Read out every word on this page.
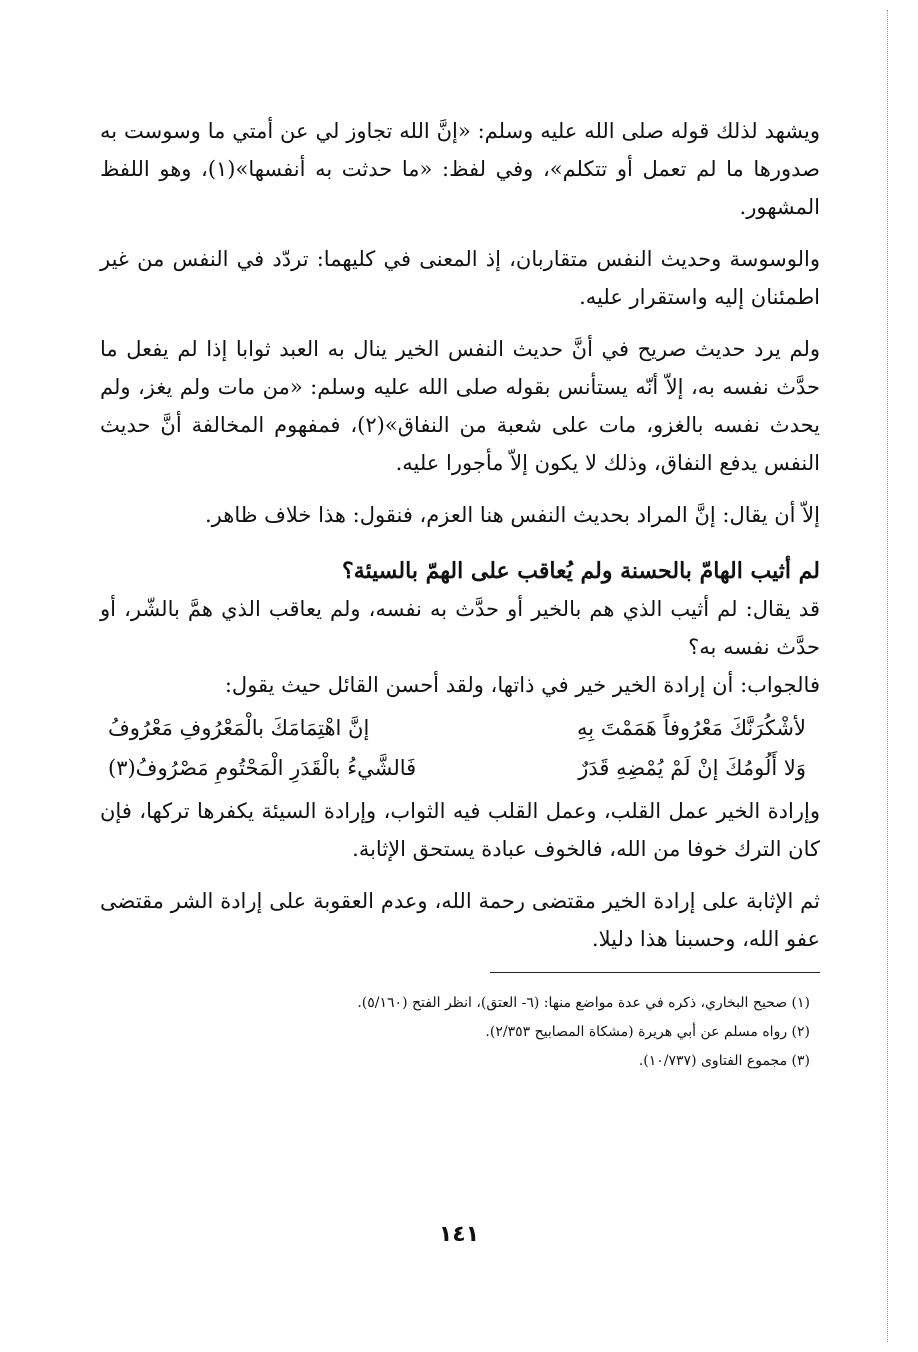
ويشهد لذلك قوله صلى الله عليه وسلم: «إنَّ الله تجاوز لي عن أمتي ما وسوست به صدورها ما لم تعمل أو تتكلم»، وفي لفظ: «ما حدثت به أنفسها»(١)، وهو اللفظ المشهور.

والوسوسة وحديث النفس متقاربان، إذ المعنى في كليهما: تردّد في النفس من غير اطمئنان إليه واستقرار عليه.

ولم يرد حديث صريح في أنَّ حديث النفس الخير ينال به العبد ثوابا إذا لم يفعل ما حدَّث نفسه به، إلاّ أنّه يستأنس بقوله صلى الله عليه وسلم: «من مات ولم يغز، ولم يحدث نفسه بالغزو، مات على شعبة من النفاق»(٢)، فمفهوم المخالفة أنَّ حديث النفس يدفع النفاق، وذلك لا يكون إلاّ مأجورا عليه.

إلاّ أن يقال: إنَّ المراد بحديث النفس هنا العزم، فنقول: هذا خلاف ظاهر.

لم أثيب الهامّ بالحسنة ولم يُعاقب على الهمّ بالسيئة؟

قد يقال: لم أثيب الذي هم بالخير أو حدَّث به نفسه، ولم يعاقب الذي همَّ بالشّر، أو حدَّث نفسه به؟

فالجواب: أن إرادة الخير خير في ذاتها، ولقد أحسن القائل حيث يقول:

لأشْكُرَنَّكَ مَعْرُوفاً هَمَمْتَ بِهِ
إنَّ اهْتِمَامَكَ بالْمَعْرُوفِ مَعْرُوفُ
وَلا أَلُومُكَ إنْ لَمْ يُمْضِهِ قَدَرٌ
فَالشَّيءُ بالْقَدَرِ الْمَحْتُومِ مَصْرُوفُ(٣)

وإرادة الخير عمل القلب، وعمل القلب فيه الثواب، وإرادة السيئة يكفرها تركها، فإن كان الترك خوفا من الله، فالخوف عبادة يستحق الإثابة.

ثم الإثابة على إرادة الخير مقتضى رحمة الله، وعدم العقوبة على إرادة الشر مقتضى عفو الله، وحسبنا هذا دليلا.

(١) صحيح البخاري، ذكره في عدة مواضع منها: (٦- العتق)، انظر الفتح (٥/١٦٠).

(٢) رواه مسلم عن أبي هريرة (مشكاة المصابيح ٢/٣٥٣).

(٣) مجموع الفتاوى (١٠/٧٣٧).

١٤١
